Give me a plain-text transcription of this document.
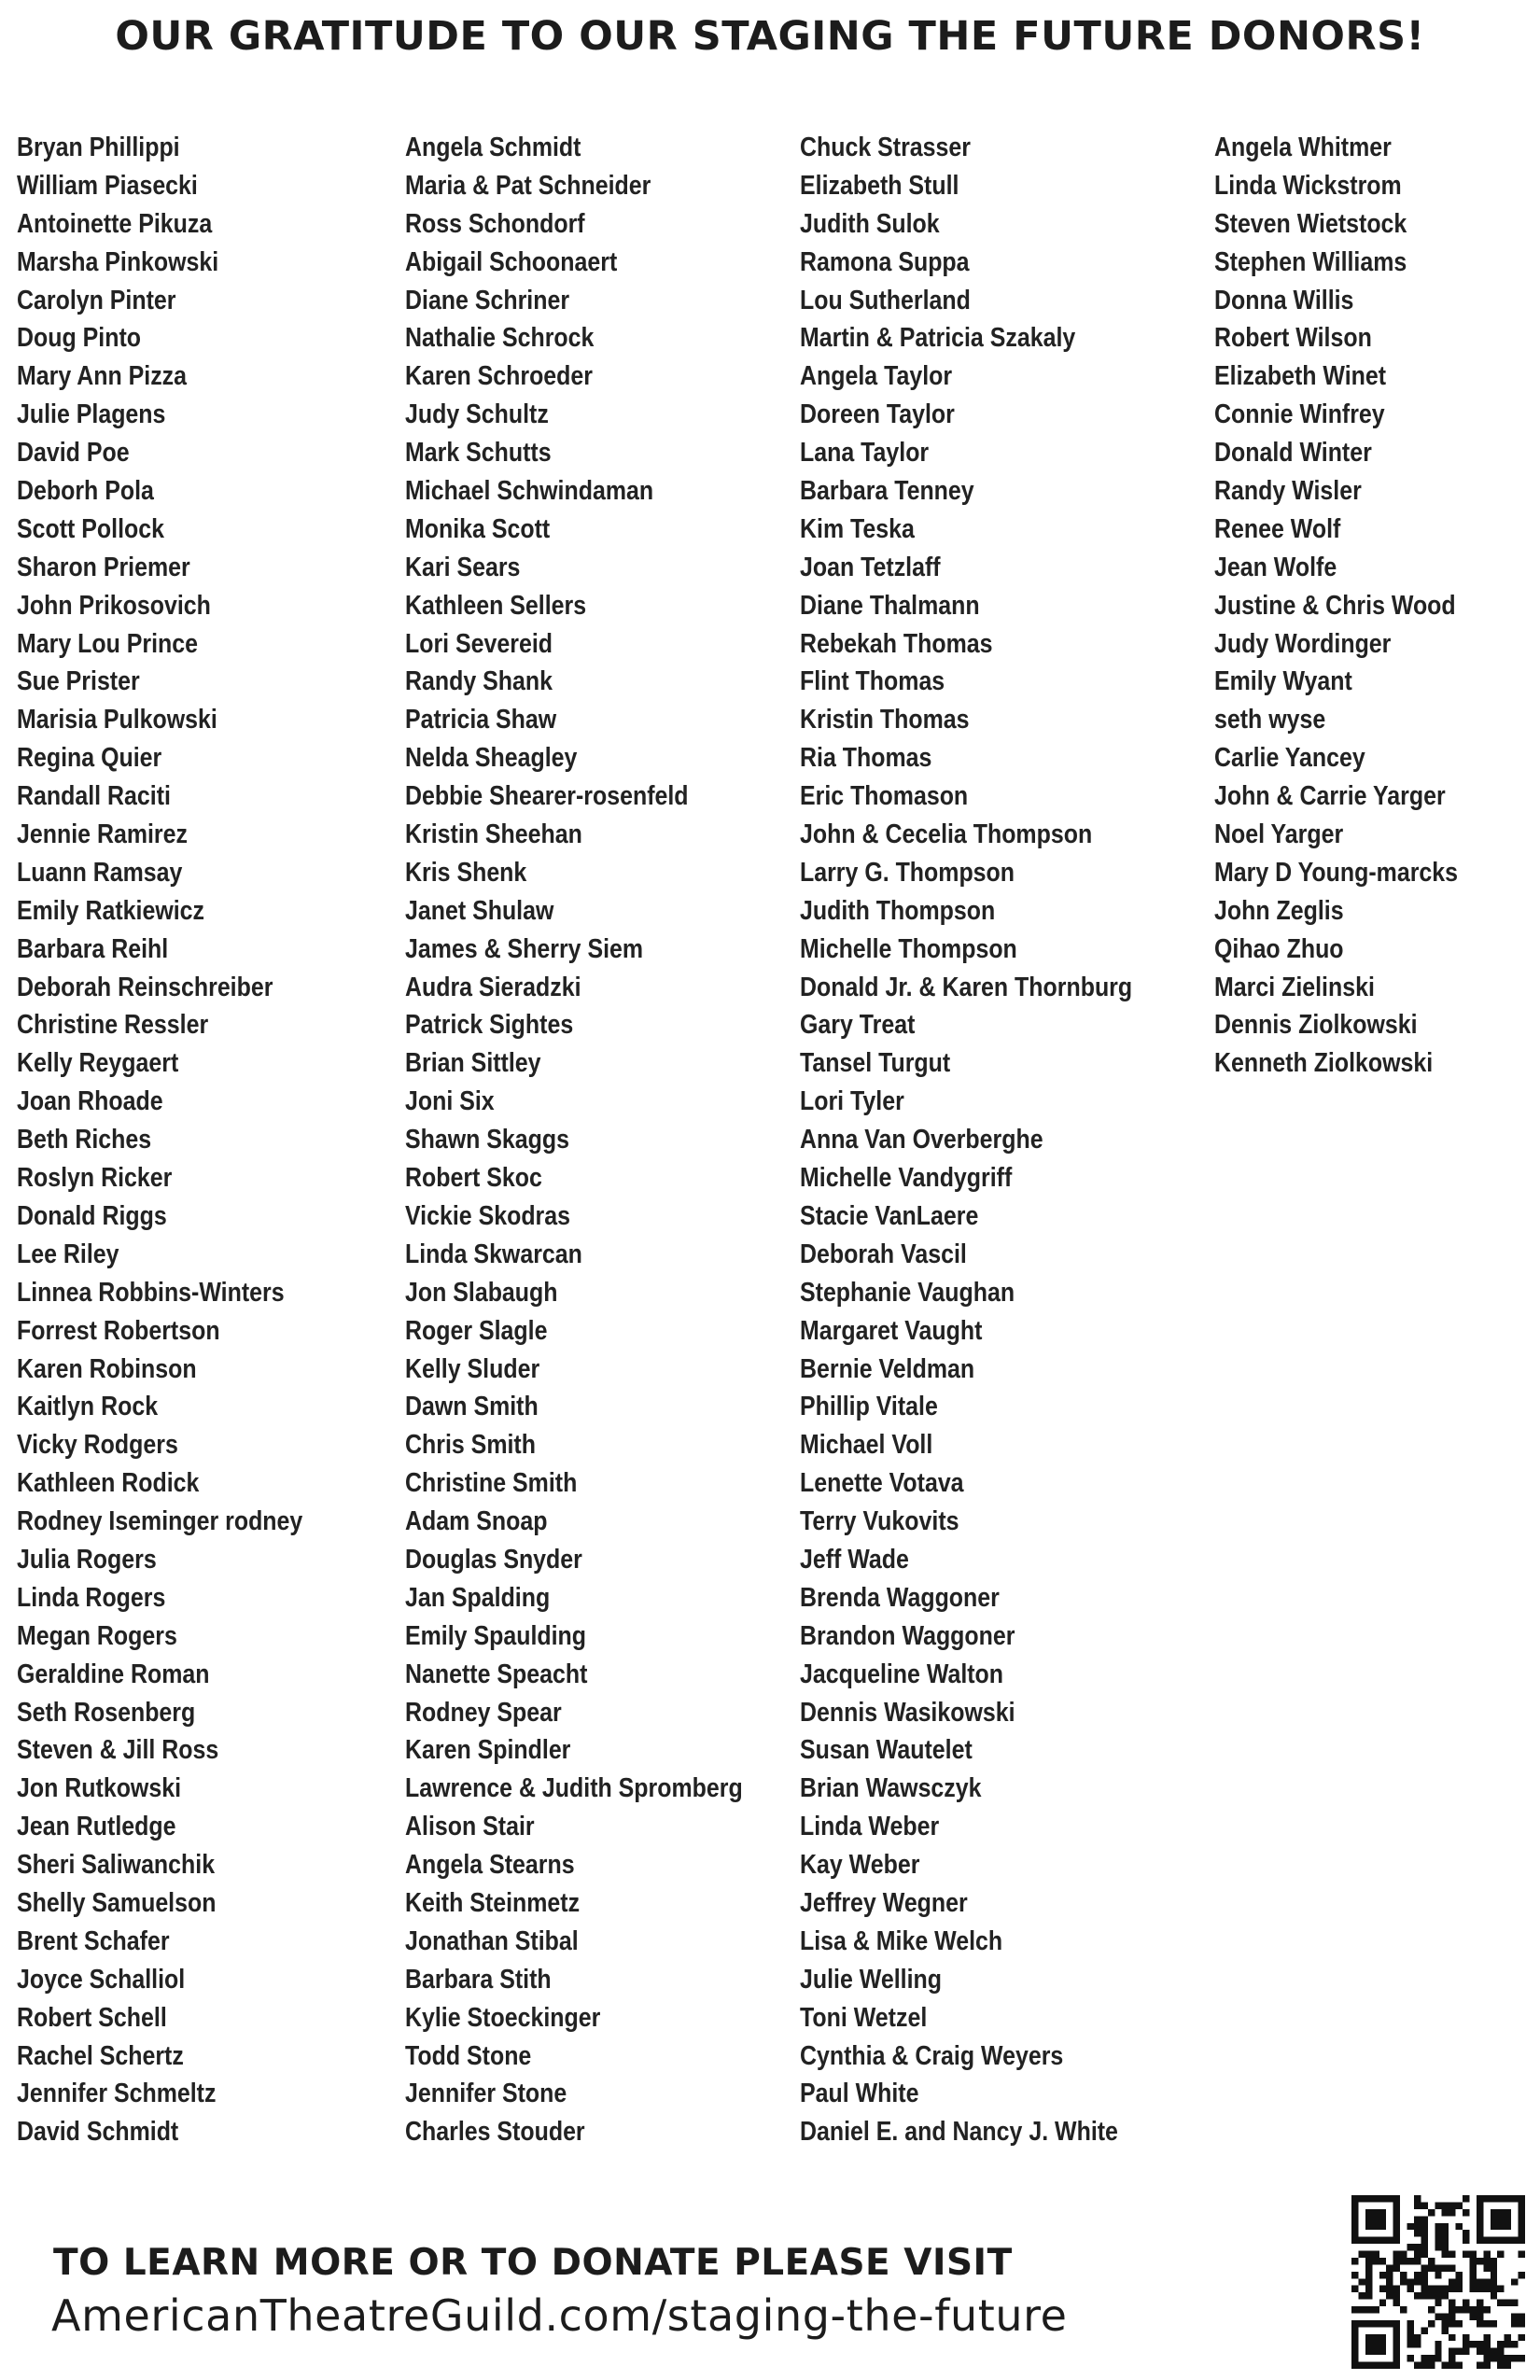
OUR GRATITUDE TO OUR STAGING THE FUTURE DONORS!
Bryan Phillippi
William Piasecki
Antoinette Pikuza
Marsha Pinkowski
Carolyn Pinter
Doug Pinto
Mary Ann Pizza
Julie Plagens
David Poe
Deborh Pola
Scott Pollock
Sharon Priemer
John Prikosovich
Mary Lou Prince
Sue Prister
Marisia Pulkowski
Regina Quier
Randall Raciti
Jennie Ramirez
Luann Ramsay
Emily Ratkiewicz
Barbara Reihl
Deborah Reinschreiber
Christine Ressler
Kelly Reygaert
Joan Rhoade
Beth Riches
Roslyn Ricker
Donald Riggs
Lee Riley
Linnea Robbins-Winters
Forrest Robertson
Karen Robinson
Kaitlyn Rock
Vicky Rodgers
Kathleen Rodick
Rodney Iseminger rodney
Julia Rogers
Linda Rogers
Megan Rogers
Geraldine Roman
Seth Rosenberg
Steven & Jill Ross
Jon Rutkowski
Jean Rutledge
Sheri Saliwanchik
Shelly Samuelson
Brent Schafer
Joyce Schalliol
Robert Schell
Rachel Schertz
Jennifer Schmeltz
David Schmidt
Angela Schmidt
Maria & Pat Schneider
Ross Schondorf
Abigail Schoonaert
Diane Schriner
Nathalie Schrock
Karen Schroeder
Judy Schultz
Mark Schutts
Michael Schwindaman
Monika Scott
Kari Sears
Kathleen Sellers
Lori Severeid
Randy Shank
Patricia Shaw
Nelda Sheagley
Debbie Shearer-rosenfeld
Kristin Sheehan
Kris Shenk
Janet Shulaw
James & Sherry Siem
Audra Sieradzki
Patrick Sightes
Brian Sittley
Joni Six
Shawn Skaggs
Robert Skoc
Vickie Skodras
Linda Skwarcan
Jon Slabaugh
Roger Slagle
Kelly Sluder
Dawn Smith
Chris Smith
Christine Smith
Adam Snoap
Douglas Snyder
Jan Spalding
Emily Spaulding
Nanette Speacht
Rodney Spear
Karen Spindler
Lawrence & Judith Spromberg
Alison Stair
Angela Stearns
Keith Steinmetz
Jonathan Stibal
Barbara Stith
Kylie Stoeckinger
Todd Stone
Jennifer Stone
Charles Stouder
Chuck Strasser
Elizabeth Stull
Judith Sulok
Ramona Suppa
Lou Sutherland
Martin & Patricia Szakaly
Angela Taylor
Doreen Taylor
Lana Taylor
Barbara Tenney
Kim Teska
Joan Tetzlaff
Diane Thalmann
Rebekah Thomas
Flint Thomas
Kristin Thomas
Ria Thomas
Eric Thomason
John & Cecelia Thompson
Larry G. Thompson
Judith Thompson
Michelle Thompson
Donald Jr. & Karen Thornburg
Gary Treat
Tansel Turgut
Lori Tyler
Anna Van Overberghe
Michelle Vandygriff
Stacie VanLaere
Deborah Vascil
Stephanie Vaughan
Margaret Vaught
Bernie Veldman
Phillip Vitale
Michael Voll
Lenette Votava
Terry Vukovits
Jeff Wade
Brenda Waggoner
Brandon Waggoner
Jacqueline Walton
Dennis Wasikowski
Susan Wautelet
Brian Wawsczyk
Linda Weber
Kay Weber
Jeffrey Wegner
Lisa & Mike Welch
Julie Welling
Toni Wetzel
Cynthia & Craig Weyers
Paul White
Daniel E. and Nancy J. White
Angela Whitmer
Linda Wickstrom
Steven Wietstock
Stephen Williams
Donna Willis
Robert Wilson
Elizabeth Winet
Connie Winfrey
Donald Winter
Randy Wisler
Renee Wolf
Jean Wolfe
Justine & Chris Wood
Judy Wordinger
Emily Wyant
seth wyse
Carlie Yancey
John & Carrie Yarger
Noel Yarger
Mary D Young-marcks
John Zeglis
Qihao Zhuo
Marci Zielinski
Dennis Ziolkowski
Kenneth Ziolkowski
TO LEARN MORE OR TO DONATE PLEASE VISIT
AmericanTheatreGuild.com/staging-the-future
